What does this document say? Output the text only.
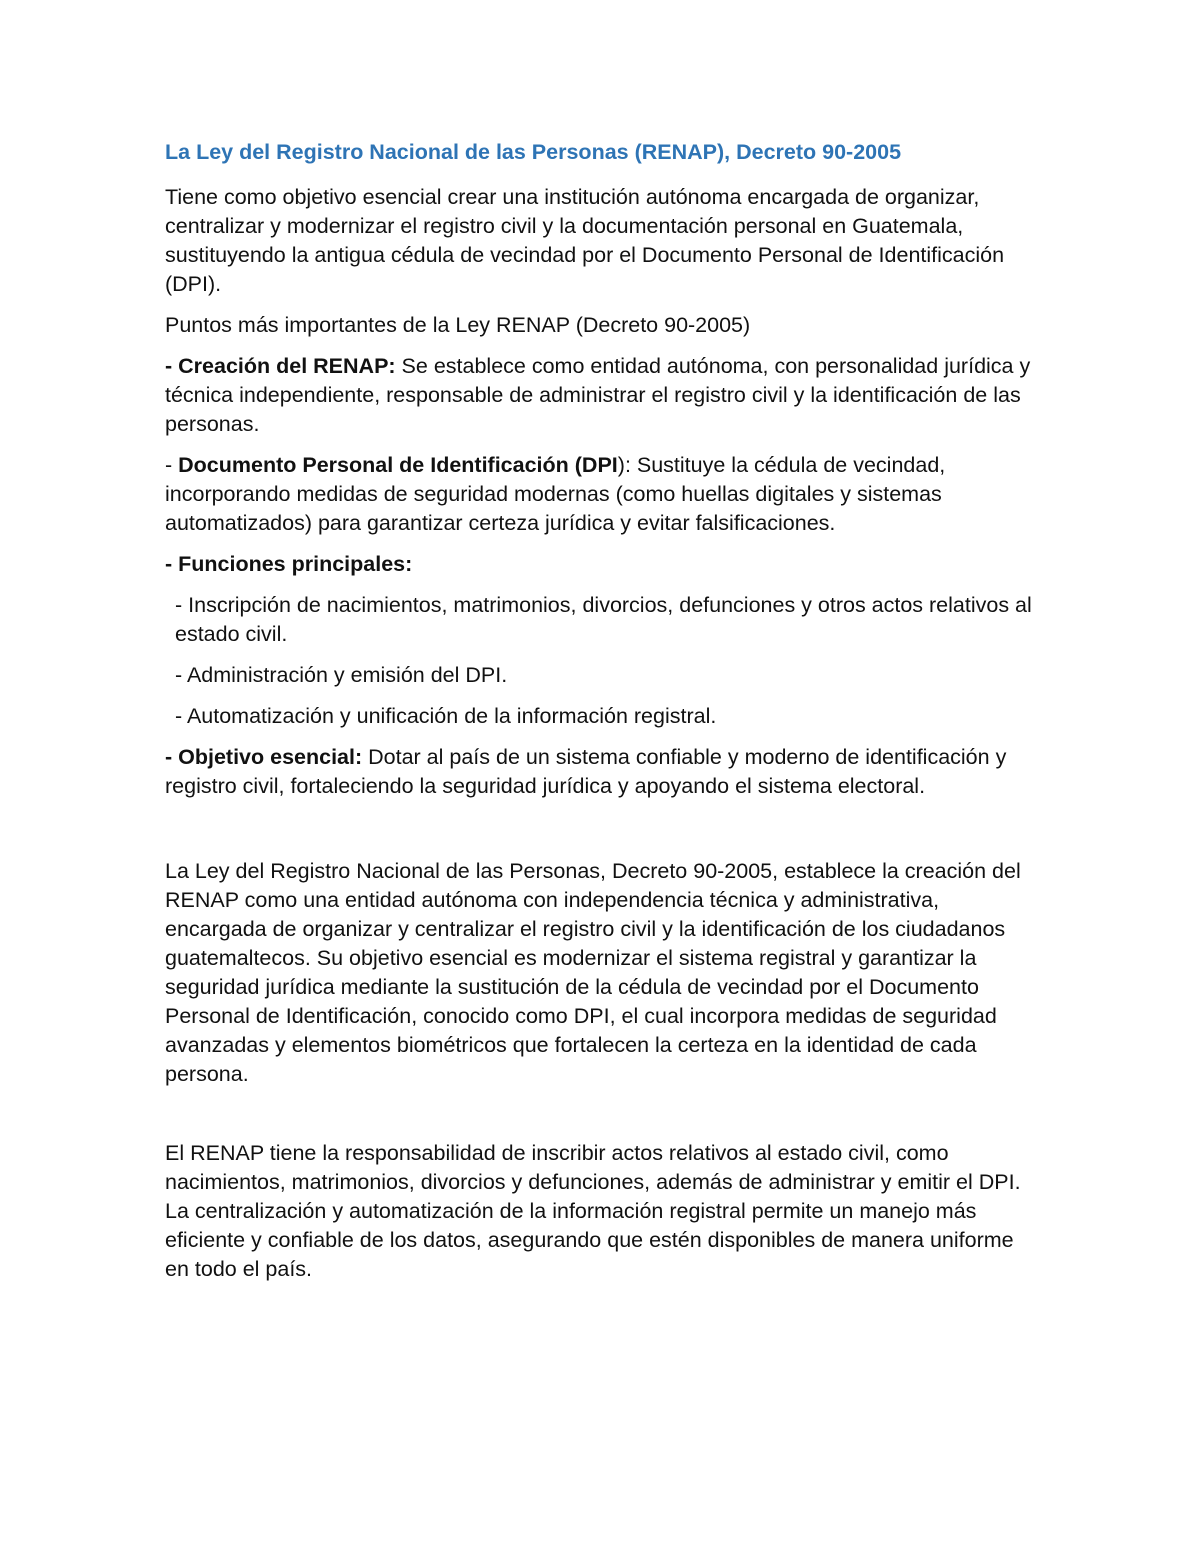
La Ley del Registro Nacional de las Personas (RENAP), Decreto 90-2005

Tiene como objetivo esencial crear una institución autónoma encargada de organizar, centralizar y modernizar el registro civil y la documentación personal en Guatemala, sustituyendo la antigua cédula de vecindad por el Documento Personal de Identificación (DPI).

Puntos más importantes de la Ley RENAP (Decreto 90-2005)

- Creación del RENAP: Se establece como entidad autónoma, con personalidad jurídica y técnica independiente, responsable de administrar el registro civil y la identificación de las personas.

- Documento Personal de Identificación (DPI): Sustituye la cédula de vecindad, incorporando medidas de seguridad modernas (como huellas digitales y sistemas automatizados) para garantizar certeza jurídica y evitar falsificaciones.

- Funciones principales:

- Inscripción de nacimientos, matrimonios, divorcios, defunciones y otros actos relativos al estado civil.

- Administración y emisión del DPI.

- Automatización y unificación de la información registral.

- Objetivo esencial: Dotar al país de un sistema confiable y moderno de identificación y registro civil, fortaleciendo la seguridad jurídica y apoyando el sistema electoral.

La Ley del Registro Nacional de las Personas, Decreto 90-2005, establece la creación del RENAP como una entidad autónoma con independencia técnica y administrativa, encargada de organizar y centralizar el registro civil y la identificación de los ciudadanos guatemaltecos. Su objetivo esencial es modernizar el sistema registral y garantizar la seguridad jurídica mediante la sustitución de la cédula de vecindad por el Documento Personal de Identificación, conocido como DPI, el cual incorpora medidas de seguridad avanzadas y elementos biométricos que fortalecen la certeza en la identidad de cada persona.

El RENAP tiene la responsabilidad de inscribir actos relativos al estado civil, como nacimientos, matrimonios, divorcios y defunciones, además de administrar y emitir el DPI. La centralización y automatización de la información registral permite un manejo más eficiente y confiable de los datos, asegurando que estén disponibles de manera uniforme en todo el país.
